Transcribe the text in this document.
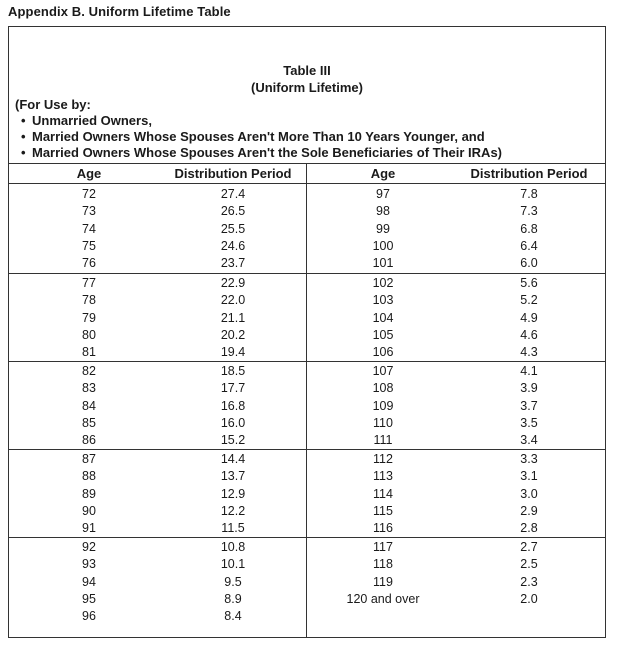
Appendix B. Uniform Lifetime Table
Table III
(Uniform Lifetime)
(For Use by:
• Unmarried Owners,
• Married Owners Whose Spouses Aren't More Than 10 Years Younger, and
• Married Owners Whose Spouses Aren't the Sole Beneficiaries of Their IRAs)
Age	Distribution Period	Age	Distribution Period
72	27.4	97	7.8
73	26.5	98	7.3
74	25.5	99	6.8
75	24.6	100	6.4
76	23.7	101	6.0
77	22.9	102	5.6
78	22.0	103	5.2
79	21.1	104	4.9
80	20.2	105	4.6
81	19.4	106	4.3
82	18.5	107	4.1
83	17.7	108	3.9
84	16.8	109	3.7
85	16.0	110	3.5
86	15.2	111	3.4
87	14.4	112	3.3
88	13.7	113	3.1
89	12.9	114	3.0
90	12.2	115	2.9
91	11.5	116	2.8
92	10.8	117	2.7
93	10.1	118	2.5
94	9.5	119	2.3
95	8.9	120 and over	2.0
96	8.4
